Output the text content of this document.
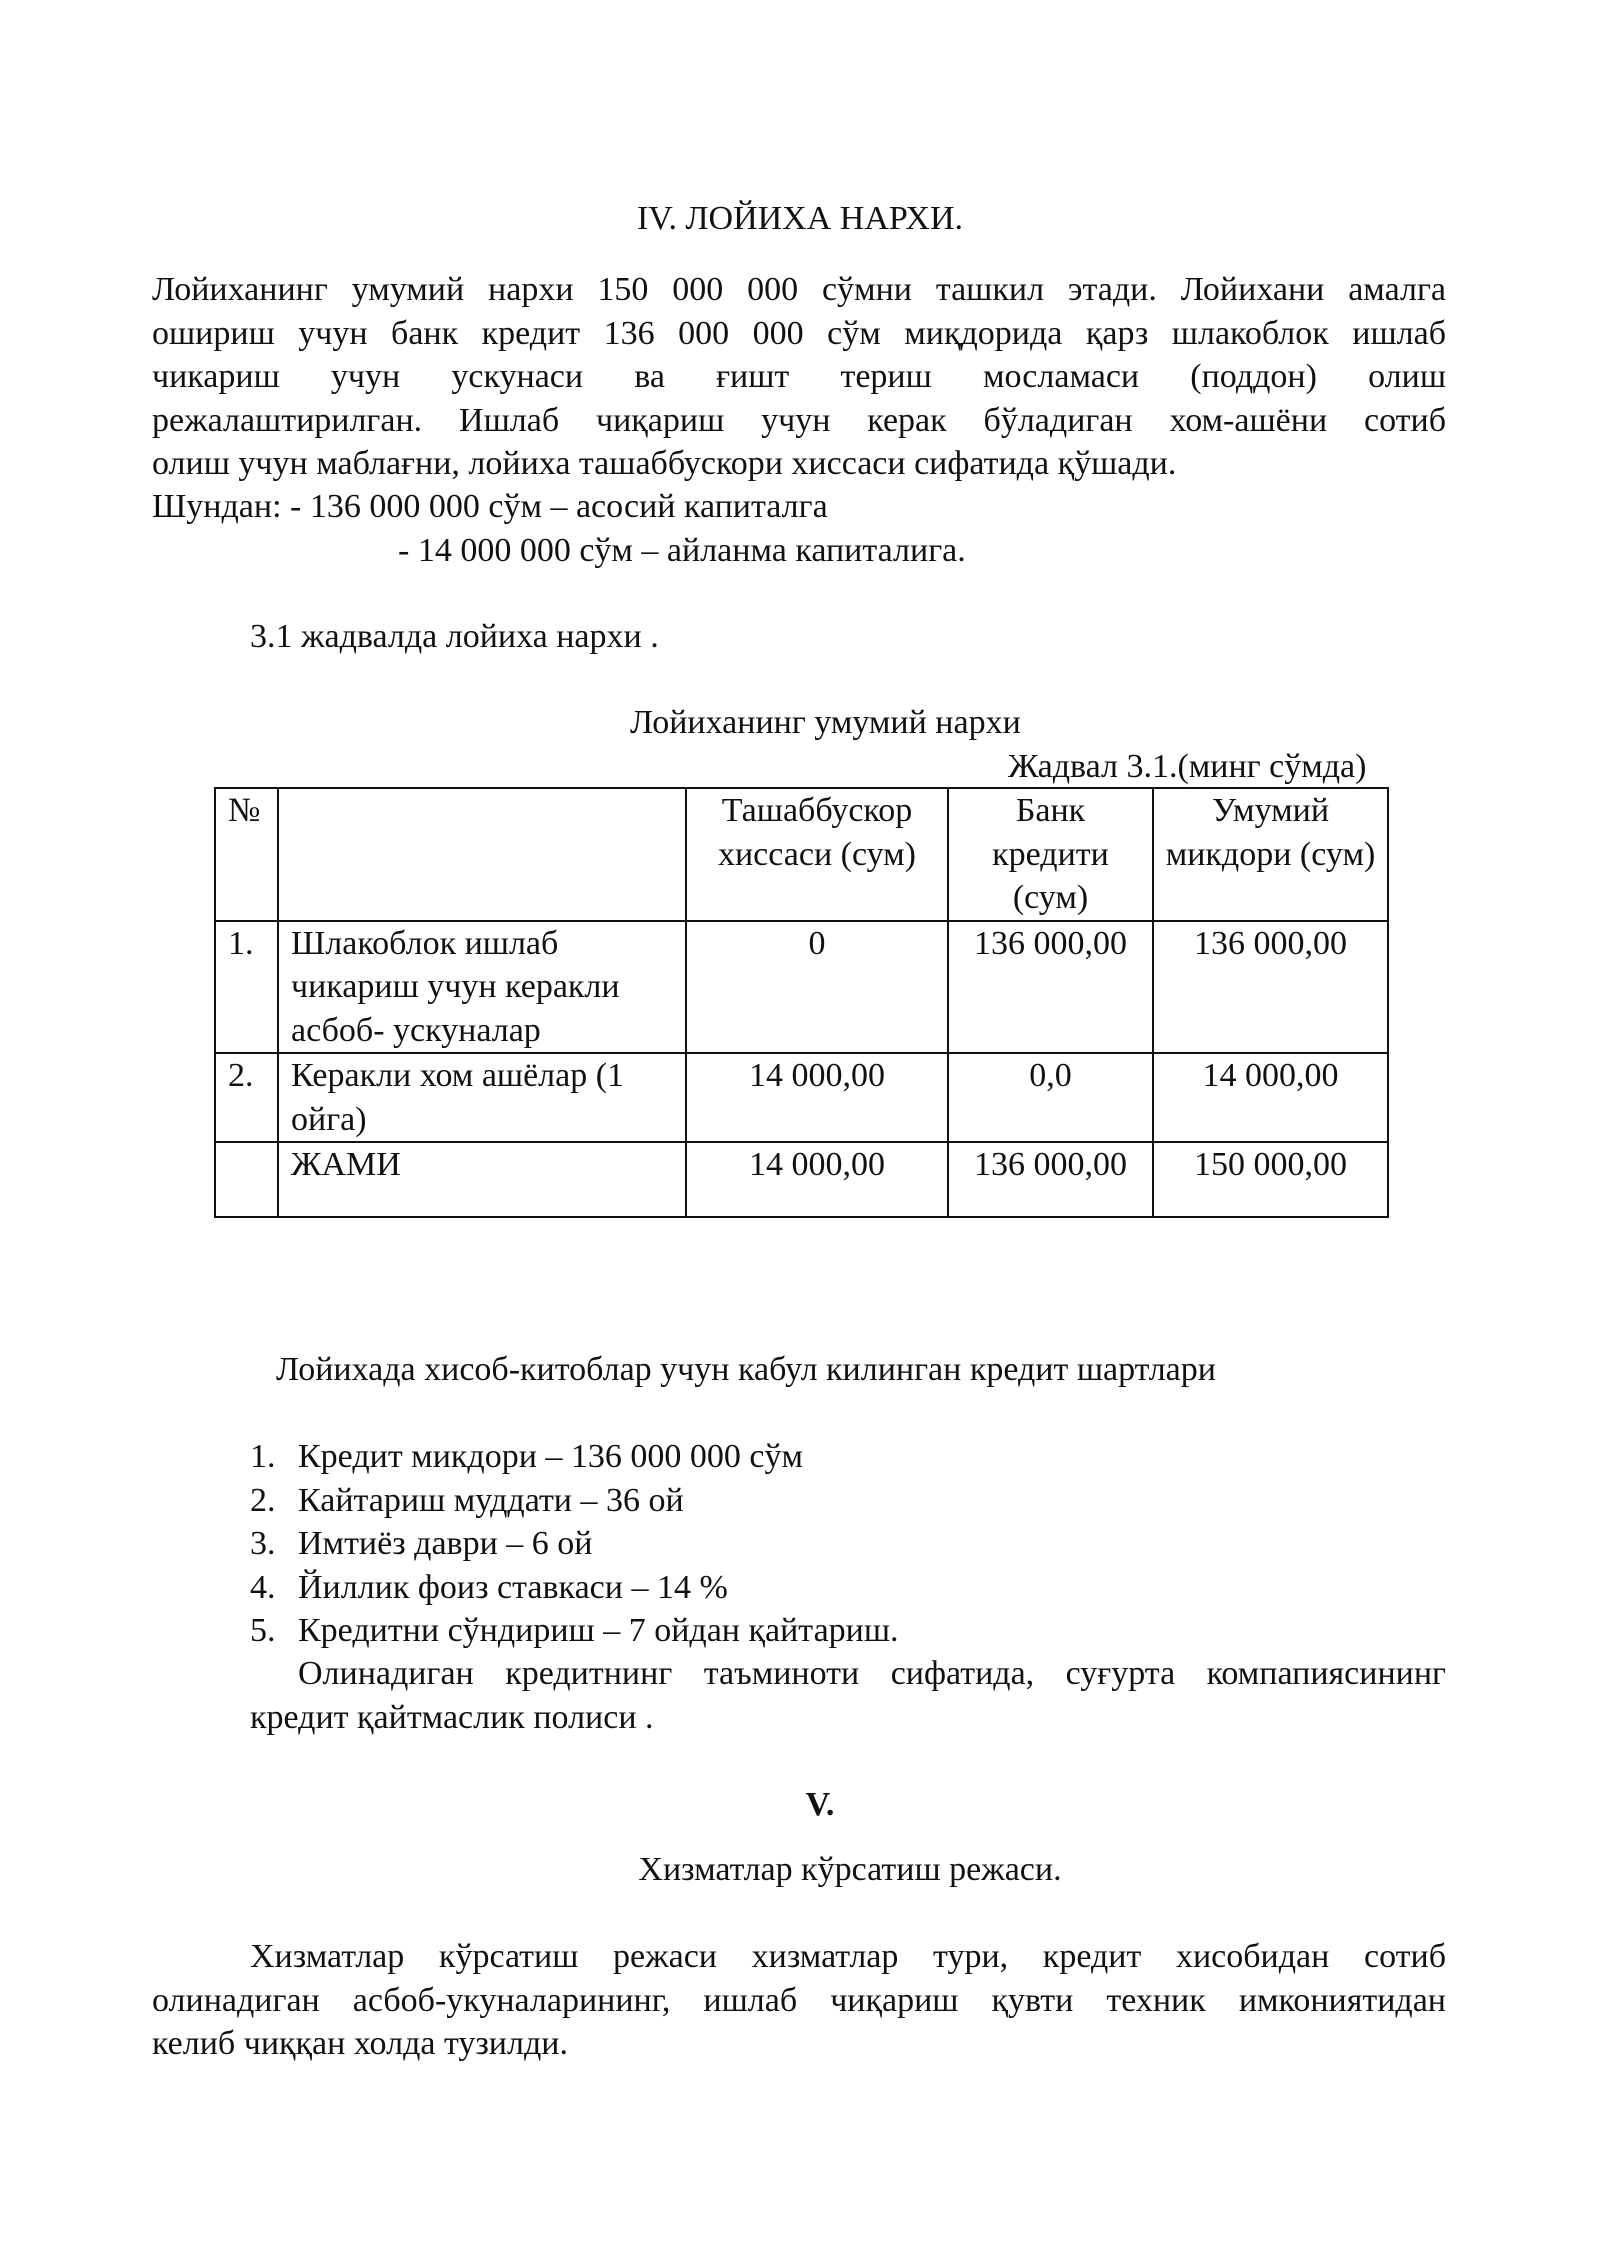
IV. ЛОЙИХА НАРХИ.

Лойиханинг умумий нархи 150 000 000 сўмни ташкил этади. Лойихани амалга
ошириш учун банк кредит 136 000 000 сўм миқдорида қарз шлакоблок ишлаб
чикариш учун ускунаси ва ғишт териш мосламаси (поддон) олиш
режалаштирилган. Ишлаб чиқариш учун керак бўладиган хом-ашёни сотиб
олиш учун маблағни, лойиха ташаббускори хиссаси сифатида қўшади.

Шундан: - 136 000 000 сўм – асосий капиталга

- 14 000 000 сўм – айланма капиталига.

3.1 жадвалда лойиха нархи .

Лойиханинг умумий нархи

Жадвал 3.1.(минг сўмда)

№		Ташаббускор хиссаси (сум)	Банк кредити (сум)	Умумий микдори (сум)
1.	Шлакоблок ишлаб чикариш учун керакли асбоб- ускуналар	0	136 000,00	136 000,00
2.	Керакли хом ашёлар (1 ойга)	14 000,00	0,0	14 000,00
	ЖАМИ	14 000,00	136 000,00	150 000,00

Лойихада хисоб-китоблар учун кабул килинган кредит шартлари

1. Кредит микдори – 136 000 000 сўм
2. Кайтариш муддати – 36 ой
3. Имтиёз даври – 6 ой
4. Йиллик фоиз ставкаси – 14 %
5. Кредитни сўндириш – 7 ойдан қайтариш.
Олинадиган кредитнинг таъминоти сифатида, суғурта компапиясининг
кредит қайтмаслик полиси .

V.

Хизматлар кўрсатиш режаси.

Хизматлар кўрсатиш режаси хизматлар тури, кредит хисобидан сотиб
олинадиган асбоб-укуналарининг, ишлаб чиқариш қувти техник имкониятидан
келиб чиққан холда тузилди.
